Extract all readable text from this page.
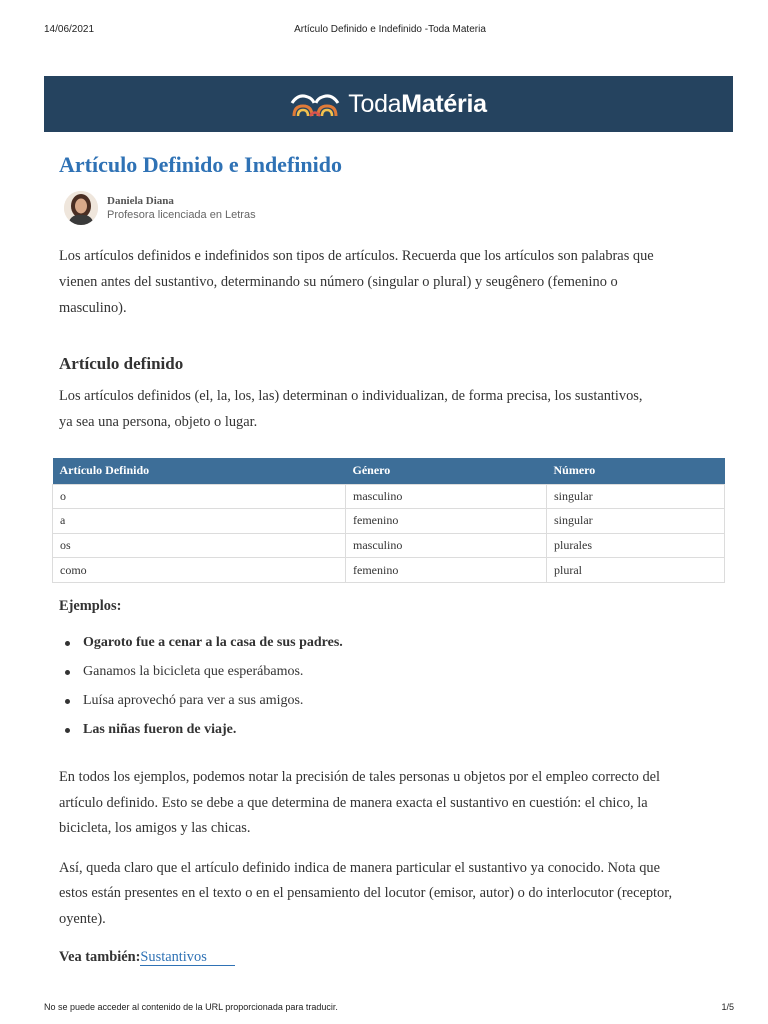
14/06/2021	Artículo Definido e Indefinido -Toda Materia
TodaMatéria
Artículo Definido e Indefinido
Daniela Diana
Profesora licenciada en Letras

Los artículos definidos e indefinidos son tipos de artículos. Recuerda que los artículos son palabras que vienen antes del sustantivo, determinando su número (singular o plural) y seugênero (femenino o masculino).

Artículo definido

Los artículos definidos (el, la, los, las) determinan o individualizan, de forma precisa, los sustantivos, ya sea una persona, objeto o lugar.

Artículo Definido	Género	Número
o	masculino	singular
a	femenino	singular
os	masculino	plurales
como	femenino	plural
Ejemplos:
Ogaroto fue a cenar a la casa de sus padres.
Ganamos la bicicleta que esperábamos.
Luísa aprovechó para ver a sus amigos.
Las niñas fueron de viaje.

En todos los ejemplos, podemos notar la precisión de tales personas u objetos por el empleo correcto del artículo definido. Esto se debe a que determina de manera exacta el sustantivo en cuestión: el chico, la bicicleta, los amigos y las chicas.

Así, queda claro que el artículo definido indica de manera particular el sustantivo ya conocido. Nota que estos están presentes en el texto o en el pensamiento del locutor (emisor, autor) o do interlocutor (receptor, oyente).

Vea también:Sustantivos
No se puede acceder al contenido de la URL proporcionada para traducir.	1/5
